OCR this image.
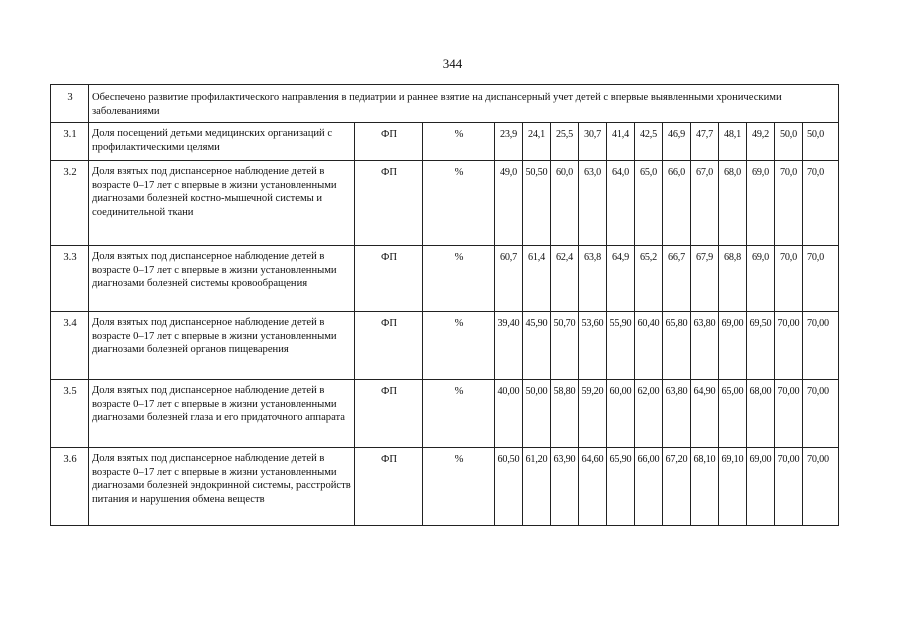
344
3	Обеспечено развитие профилактического направления в педиатрии и раннее взятие на диспансерный учет детей с впервые выявленными хроническими заболеваниями														
3.1	Доля посещений детьми медицинских организаций с профилактическими целями	ФП	%	23,9	24,1	25,5	30,7	41,4	42,5	46,9	47,7	48,1	49,2	50,0	50,0
3.2	Доля взятых под диспансерное наблюдение детей в возрасте 0–17 лет с впервые в жизни установленными диагнозами болезней костно-мышечной системы и соединительной ткани	ФП	%	49,0	50,50	60,0	63,0	64,0	65,0	66,0	67,0	68,0	69,0	70,0	70,0
3.3	Доля взятых под диспансерное наблюдение детей в возрасте 0–17 лет с впервые в жизни установленными диагнозами болезней системы кровообращения	ФП	%	60,7	61,4	62,4	63,8	64,9	65,2	66,7	67,9	68,8	69,0	70,0	70,0
3.4	Доля взятых под диспансерное наблюдение детей в возрасте 0–17 лет с впервые в жизни установленными диагнозами болезней органов пищеварения	ФП	%	39,40	45,90	50,70	53,60	55,90	60,40	65,80	63,80	69,00	69,50	70,00	70,00
3.5	Доля взятых под диспансерное наблюдение детей в возрасте 0–17 лет с впервые в жизни установленными диагнозами болезней глаза и его придаточного аппарата	ФП	%	40,00	50,00	58,80	59,20	60,00	62,00	63,80	64,90	65,00	68,00	70,00	70,00
3.6	Доля взятых под диспансерное наблюдение детей в возрасте 0–17 лет с впервые в жизни установленными диагнозами болезней эндокринной системы, расстройств питания и нарушения обмена веществ	ФП	%	60,50	61,20	63,90	64,60	65,90	66,00	67,20	68,10	69,10	69,00	70,00	70,00
